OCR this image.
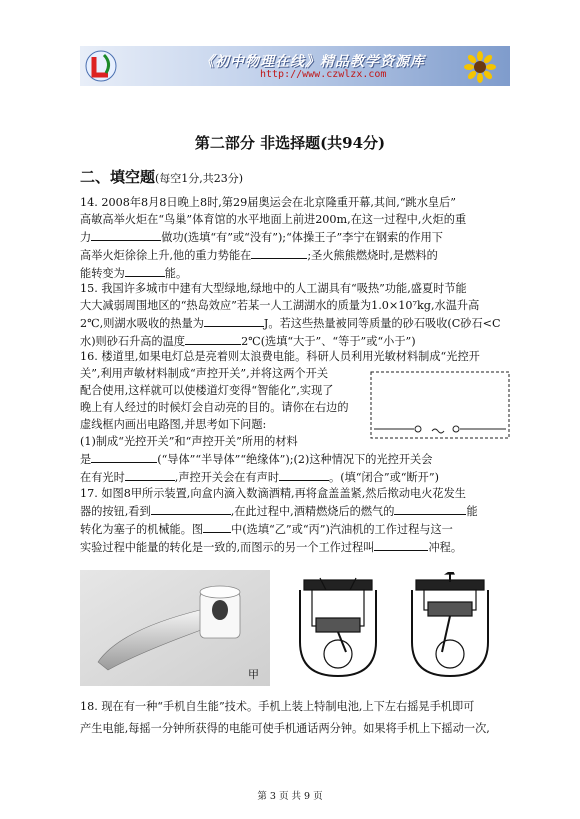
《初中物理在线》精品教学资源库
http://www.czwlzx.com
第二部分 非选择题(共94分)
二、填空题(每空1分,共23分)

14. 2008年8月8日晚上8时,第29届奥运会在北京隆重开幕,其间,“跳水皇后”

高敏高举火炬在“鸟巢”体育馆的水平地面上前进200m,在这一过程中,火炬的重

力	做功(选填“有”或“没有”);“体操王子”李宁在钢索的作用下

高举火炬徐徐上升,他的重力势能在	;圣火熊熊燃烧时,是燃料的

能转变为	能。

15. 我国许多城市中建有大型绿地,绿地中的人工湖具有“吸热”功能,盛夏时节能

大大减弱周围地区的“热岛效应”若某一人工湖湖水的质量为1.0×10⁷kg,水温升高

2℃,则湖水吸收的热量为	J。若这些热量被同等质量的砂石吸收(C砂石<C

水)则砂石升高的温度	2℃(选填“大于”、“等于”或“小于”)

16. 楼道里,如果电灯总是亮着则太浪费电能。科研人员利用光敏材料制成“光控开

关”,利用声敏材料制成“声控开关”,并将这两个开关

配合使用,这样就可以使楼道灯变得“智能化”,实现了

晚上有人经过的时候灯会自动亮的目的。请你在右边的

虚线框内画出电路图,并思考如下问题:

(1)制成“光控开关”和“声控开关”所用的材料

是	(“导体”“半导体”“绝缘体”);(2)这种情况下的光控开关会

在有光时	,声控开关会在有声时	。(填“闭合”或“断开”)

17. 如图8甲所示装置,向盒内滴入数滴酒精,再将盒盖盖紧,然后揿动电火花发生

器的按钮,看到	,在此过程中,酒精燃烧后的燃气的	能

转化为塞子的机械能。图	中(选填“乙”或“丙”)汽油机的工作过程与这一

实验过程中能量的转化是一致的,而图示的另一个工作过程叫	冲程。

甲

18. 现在有一种“手机自生能”技术。手机上装上特制电池,上下左右摇晃手机即可

产生电能,每摇一分钟所获得的电能可使手机通话两分钟。如果将手机上下摇动一次,

第 3 页 共 9 页
